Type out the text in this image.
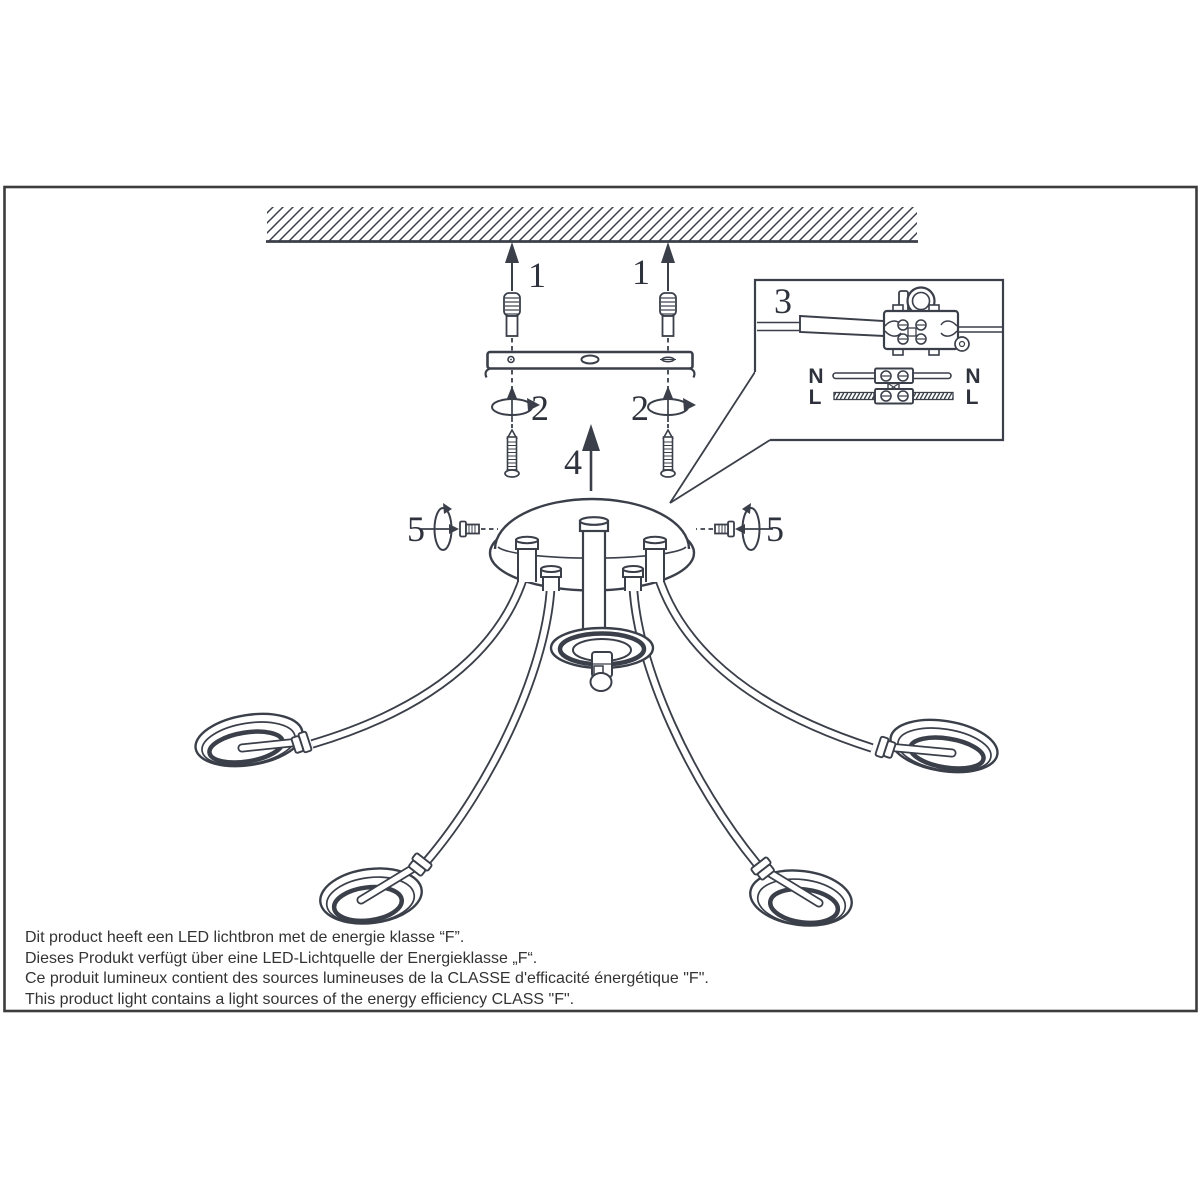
1 1
2 2
3
4
5	5
N	N
L	L
Dit product heeft een LED lichtbron met de energie klasse “F”.
Dieses Produkt verfügt über eine LED-Lichtquelle der Energieklasse „F“.
Ce produit lumineux contient des sources lumineuses de la CLASSE d'efficacité énergétique "F".
This product light contains a light sources of the energy efficiency CLASS "F".
